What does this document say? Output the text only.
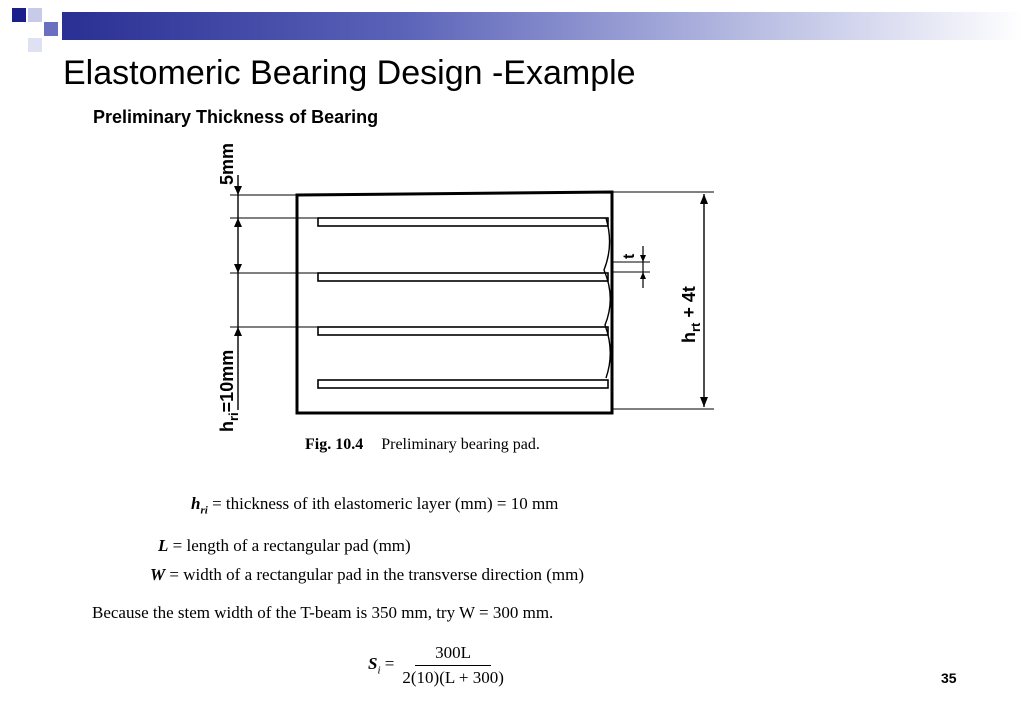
Elastomeric Bearing Design -Example
Preliminary Thickness of Bearing
5mm
$h_{ri}=10mm$
t
$h_{rt} + 4t$
Fig. 10.4 Preliminary bearing pad.
$h_{ri}$ = thickness of ith elastomeric layer (mm) = 10 mm
L = length of a rectangular pad (mm)
W = width of a rectangular pad in the transverse direction (mm)
Because the stem width of the T-beam is 350 mm, try W = 300 mm.
$S_i = \frac{300L}{2(10)(L + 300)}$	35
